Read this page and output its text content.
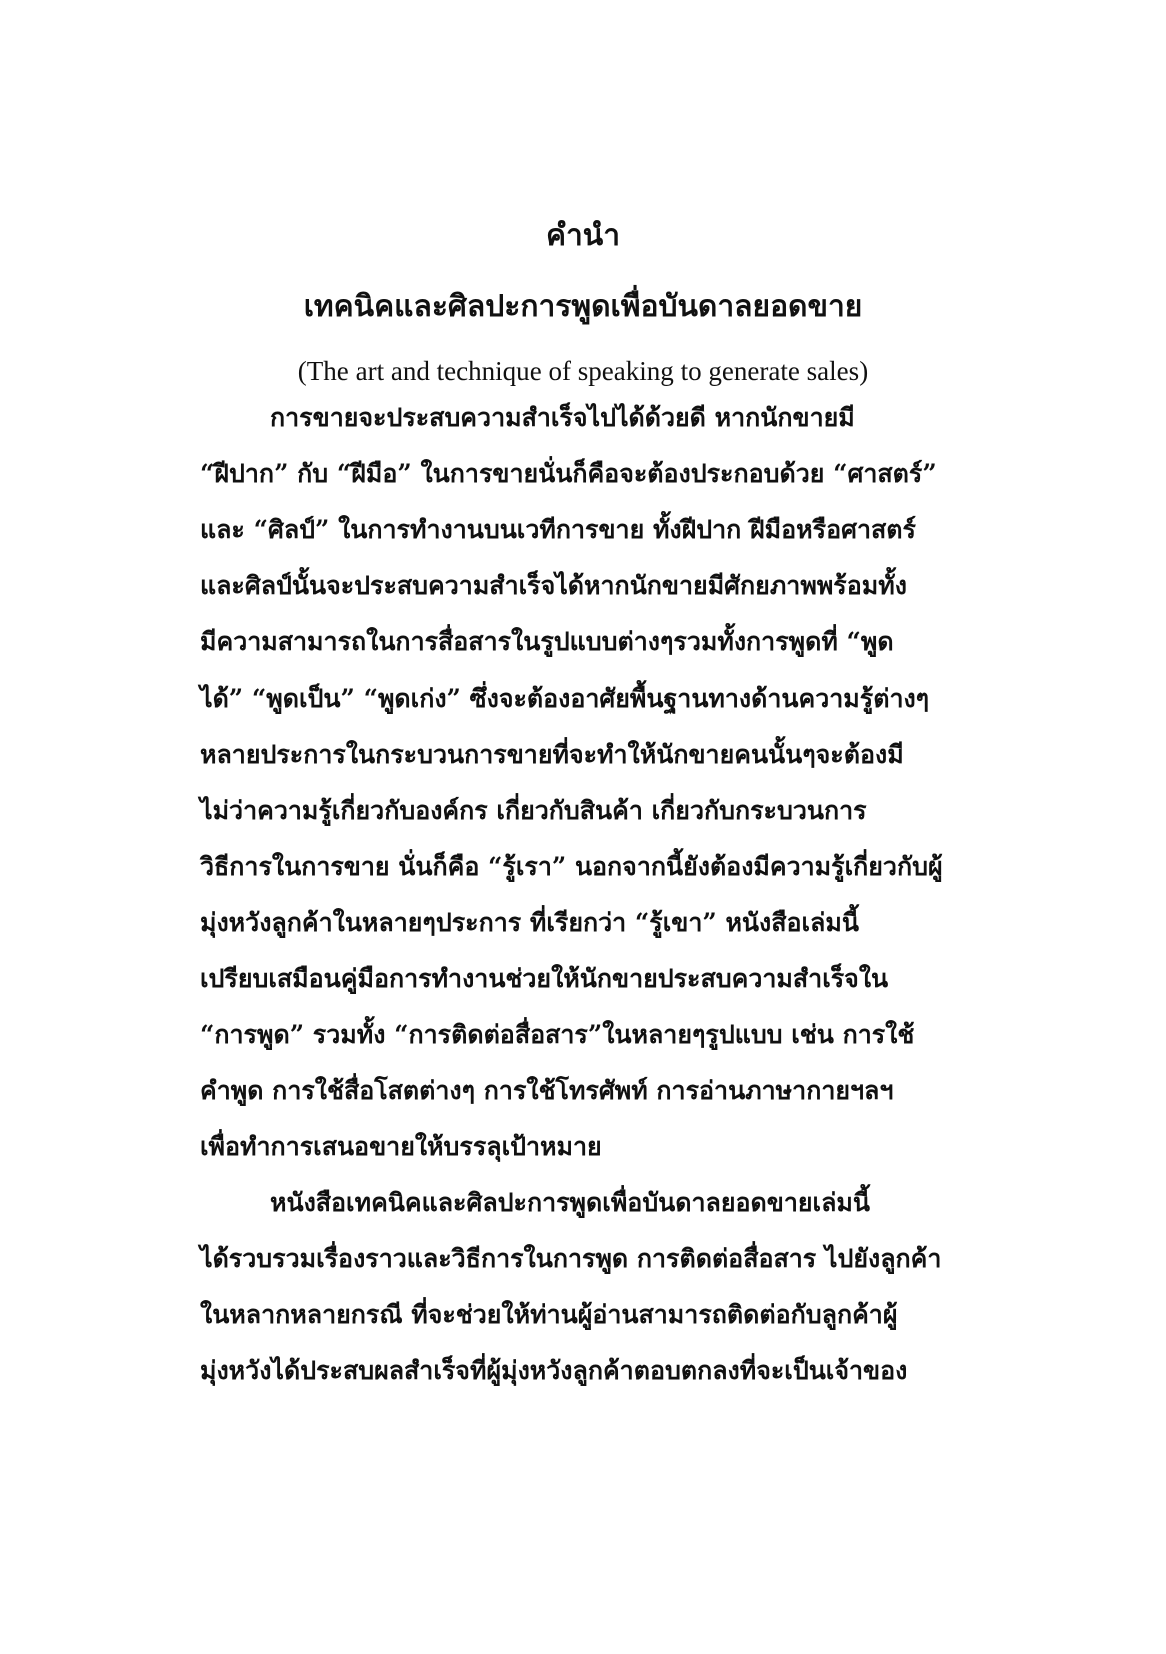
คำนำ
เทคนิคและศิลปะการพูดเพื่อบันดาลยอดขาย
(The art and technique of speaking to generate sales)
การขายจะประสบความสำเร็จไปได้ด้วยดี หากนักขายมี
“ฝีปาก” กับ “ฝีมือ” ในการขายนั่นก็คือจะต้องประกอบด้วย “ศาสตร์”
และ “ศิลป์” ในการทำงานบนเวทีการขาย ทั้งฝีปาก ฝีมือหรือศาสตร์
และศิลป์นั้นจะประสบความสำเร็จได้หากนักขายมีศักยภาพพร้อมทั้ง
มีความสามารถในการสื่อสารในรูปแบบต่างๆรวมทั้งการพูดที่ “พูด
ได้” “พูดเป็น” “พูดเก่ง” ซึ่งจะต้องอาศัยพื้นฐานทางด้านความรู้ต่างๆ
หลายประการในกระบวนการขายที่จะทำให้นักขายคนนั้นๆจะต้องมี
ไม่ว่าความรู้เกี่ยวกับองค์กร เกี่ยวกับสินค้า เกี่ยวกับกระบวนการ
วิธีการในการขาย นั่นก็คือ “รู้เรา” นอกจากนี้ยังต้องมีความรู้เกี่ยวกับผู้
มุ่งหวังลูกค้าในหลายๆประการ ที่เรียกว่า “รู้เขา” หนังสือเล่มนี้
เปรียบเสมือนคู่มือการทำงานช่วยให้นักขายประสบความสำเร็จใน
“การพูด” รวมทั้ง “การติดต่อสื่อสาร”ในหลายๆรูปแบบ เช่น การใช้
คำพูด การใช้สื่อโสตต่างๆ การใช้โทรศัพท์ การอ่านภาษากายฯลฯ
เพื่อทำการเสนอขายให้บรรลุเป้าหมาย
หนังสือเทคนิคและศิลปะการพูดเพื่อบันดาลยอดขายเล่มนี้
ได้รวบรวมเรื่องราวและวิธีการในการพูด การติดต่อสื่อสาร ไปยังลูกค้า
ในหลากหลายกรณี ที่จะช่วยให้ท่านผู้อ่านสามารถติดต่อกับลูกค้าผู้
มุ่งหวังได้ประสบผลสำเร็จที่ผู้มุ่งหวังลูกค้าตอบตกลงที่จะเป็นเจ้าของ
